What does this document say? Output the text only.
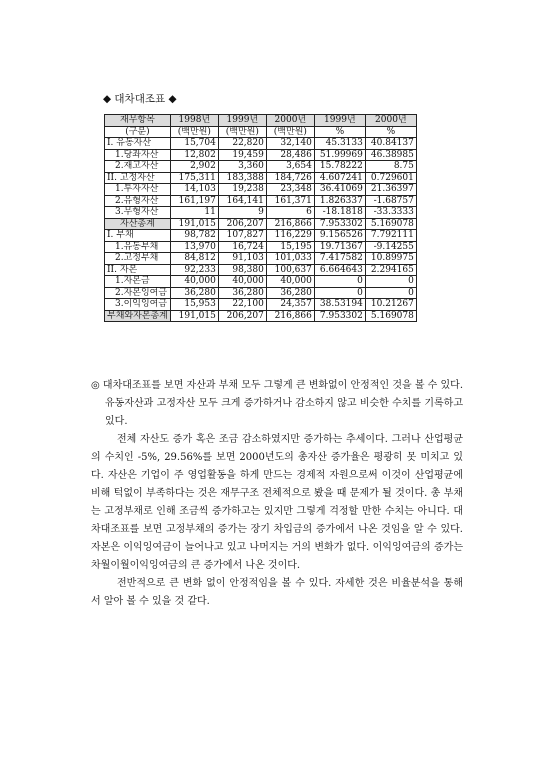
◆ 대차대조표 ◆
재무항목	1998년	1999년	2000년	1999년	2000년
(구분)	(백만원)	(백만원)	(백만원)	%	%
I. 유동자산	15,704	22,820	32,140	45.3133	40.84137
1.당좌자산	12,802	19,459	28,486	51.99969	46.38985
2.재고자산	2,902	3,360	3,654	15.78222	8.75
II. 고정자산	175,311	183,388	184,726	4.607241	0.729601
1.투자자산	14,103	19,238	23,348	36.41069	21.36397
2.유형자산	161,197	164,141	161,371	1.826337	-1.68757
3.무형자산	11	9	6	-18.1818	-33.3333
자산총계	191,015	206,207	216,866	7.953302	5.169078
I. 부채	98,782	107,827	116,229	9.156526	7.792111
1.유동부채	13,970	16,724	15,195	19.71367	-9.14255
2.고정부채	84,812	91,103	101,033	7.417582	10.89975
II. 자본	92,233	98,380	100,637	6.664643	2.294165
1.자본금	40,000	40,000	40,000	0	0
2.자본잉여금	36,280	36,280	36,280	0	0
3.이익잉여금	15,953	22,100	24,357	38.53194	10.21267
부채와자본총계	191,015	206,207	216,866	7.953302	5.169078

◎ 대차대조표를 보면 자산과 부채 모두 그렇게 큰 변화없이 안정적인 것을 볼 수 있다. 유동자산과 고정자산 모두 크게 증가하거나 감소하지 않고 비슷한 수치를 기록하고 있다.

전체 자산도 증가 혹은 조금 감소하였지만 증가하는 추세이다. 그러나 산업평균의 수치인 -5%, 29.56%를 보면 2000년도의 총자산 증가율은 평광히 못 미치고 있다. 자산은 기업이 주 영업활동을 하게 만드는 경제적 자원으로써 이것이 산업평균에 비해 턱없이 부족하다는 것은 재무구조 전체적으로 봤을 때 문제가 될 것이다. 총 부채는 고정부채로 인해 조금씩 증가하고는 있지만 그렇게 걱정할 만한 수치는 아니다. 대차대조표를 보면 고정부채의 증가는 장기 차입금의 증가에서 나온 것임을 알 수 있다. 자본은 이익잉여금이 늘어나고 있고 나머지는 거의 변화가 없다. 이익잉여금의 증가는 차월이월이익잉여금의 큰 증가에서 나온 것이다.

전반적으로 큰 변화 없이 안정적임을 볼 수 있다. 자세한 것은 비율분석을 통해서 알아 볼 수 있을 것 같다.
